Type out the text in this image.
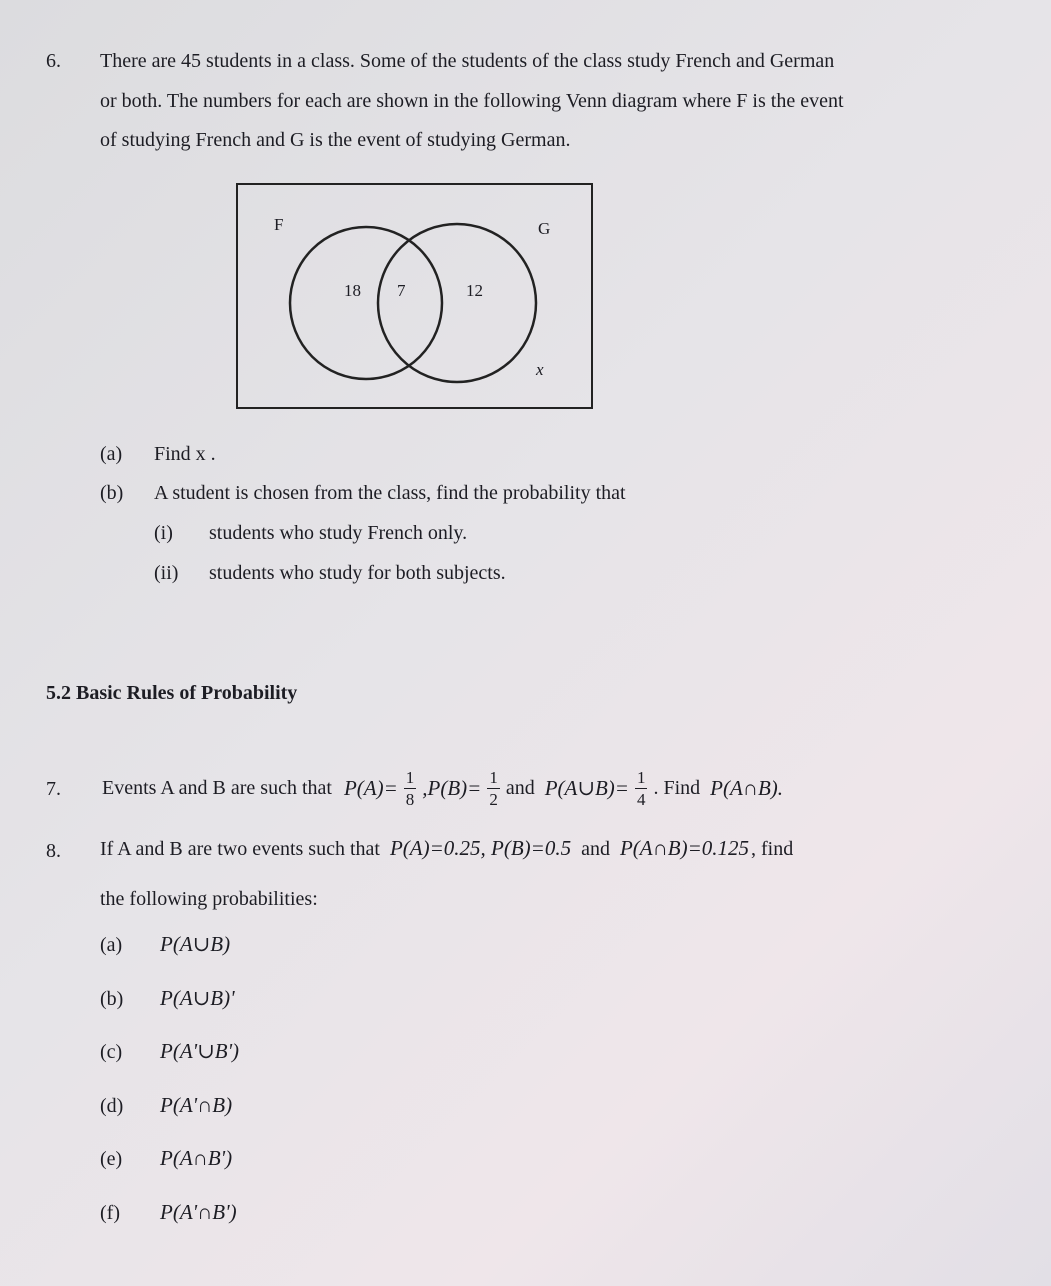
6. There are 45 students in a class. Some of the students of the class study French and German
or both. The numbers for each are shown in the following Venn diagram where F is the event
of studying French and G is the event of studying German.
F	G
18 7	12
x
(a) Find x .
(b) A student is chosen from the class, find the probability that
(i) students who study French only.
(ii) students who study for both subjects.
5.2 Basic Rules of Probability
7. Events A and B are such that $P(A)= \frac{1}{8} ,P(B)= \frac{1}{2}$ and P(A∪B)= $\frac{1}{4}$ . Find P(A∩B).
8. If A and B are two events such that P(A)=0.25, P(B)=0.5 and P(A∩B)=0.125 , find
the following probabilities:
(a) P(A∪B)
(b) P(A∪B)'
(c) P(A'∪B')
(d) P(A'∩B)
(e) P(A∩B')
(f) P(A'∩B')
